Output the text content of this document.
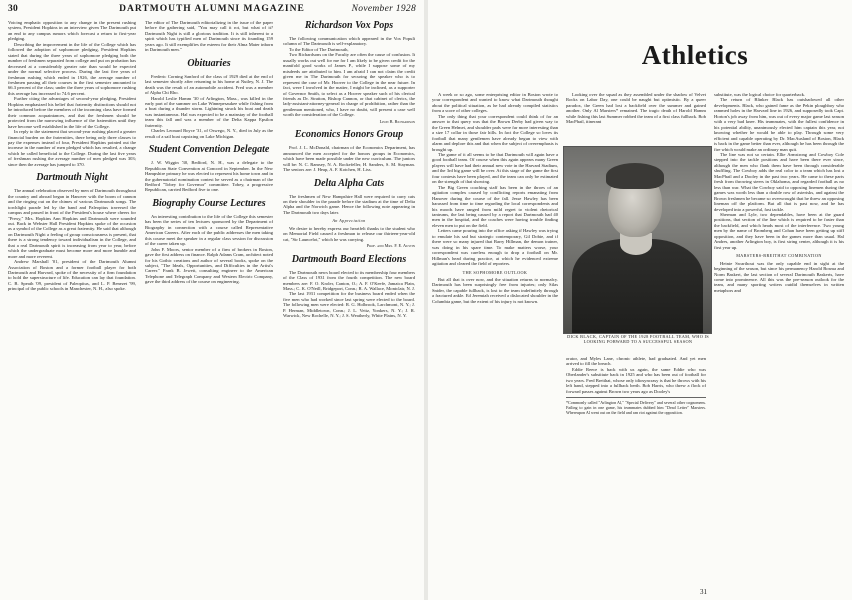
30	DARTMOUTH ALUMNI MAGAZINE	November 1928

Voicing emphatic opposition to any change in the present rushing system, President Hopkins in an interview given The Dartmouth put an end to any campus rumors which forecast a return to first-year pledging.

Describing the improvement in the life of the College which has followed the adoption of sophomore pledging, President Hopkins stated that during the three years of sophomore pledging both the number of freshmen separated from college and put on probation has decreased at a considerably greater rate than would be expected under the normal selective process. During the last five years of freshman rushing which ended in 1926, the average number of freshmen passing all their courses in the first semester amounted to 66.3 percent of the class; under the three years of sophomore rushing this average has increased to 74.6 percent.

Further citing the advantages of second-year pledging, President Hopkins emphasized his belief that fraternity distinctions should not be introduced before the members of the incoming class have formed their common acquaintances, and that the freshmen should be protected from the narrowing influence of the fraternities until they have become well established in the life of the College.

In reply to the statement that second-year rushing placed a greater financial burden on the fraternities, there being only three classes to pay the expenses instead of four, President Hopkins pointed out the increase in the number of men pledged which has resulted, a change which he called beneficial to the College. During the last five years of freshman rushing the average number of men pledged was 303; since then the average has jumped to 370.

Dartmouth Night

The annual celebration observed by men of Dartmouth throughout the country and abroad began in Hanover with the boom of cannon and the ringing out on the chimes of various Dartmouth songs. The torchlight parade led by the band and Paleopitus traversed the campus and passed in front of the President's house where cheers for "Prexy," Mrs. Hopkins Ann Hopkins and Dartmouth were sounded out. Back in Webster Hall President Hopkins spoke of the occasion as a symbol of the College as a great fraternity. He said that although on Dartmouth Night a feeling of group consciousness is present, that there is a strong tendency toward individualism in the College, and that a real Dartmouth spirit is increasing from year to year, before which the undergraduate must become more and more humble and more and more reverent.

Andrew Marshall '01, president of the Dartmouth Alumni Association of Boston and a former football player for both Dartmouth and Harvard, spoke of the necessity of a firm foundation to hold the superstructure of life. Education can lay that foundation. C. B. Speath '09, president of Paleopitus, and L. P. Benezet '99, principal of the public schools in Manchester, N. H., also spoke.

The editor of The Dartmouth editorializing in the issue of the paper before the gathering said, "You may call it rot, but what of it? Dartmouth Night is still a glorious tradition. It is still inherent to a spirit which has typified men of Dartmouth since its founding 159 years ago. It still exemplifies the esteem for their Alma Mater inborn in Dartmouth men."

Obituaries

Frederic Corning Sanford of the class of 1929 died at the end of last semester shortly after returning to his home at Nutley, N. J. The death was the result of an automobile accident. Fred was a member of Alpha Chi Rho.

Harold Leslie Hamm '30 of Arlington, Mass., was killed in the early part of the summer on Lake Winnepesaukee while fishing from a boat during a thunder storm. Lightning struck his boat and death was instantaneous. Hal was expected to be a mainstay of the football team this fall and was a member of the Delta Kappa Epsilon fraternity.

Charles Leonard Boyce '31, of Oswego, N. Y., died in July as the result of a sail boat capsizing on Lake Michigan.

Student Convention Delegate

J. W. Wiggin '30, Bedford, N. H., was a delegate to the Republican State Convention at Concord in September. In the New Hampshire primary he was elected to represent his home town and in the gubernatorial nomination contest he served as a chairman of the Bedford "Tobey for Governor" committee. Tobey, a progressive Republican, carried Bedford five to one.

Biography Course Lectures

An interesting contribution to the life of the College this semester has been the series of ten lectures sponsored by the Department of Biography in connection with a course called Representative American Careers. After each of the public addresses the men taking this course meet the speaker in a regular class session for discussion of the career taken up.

John F. Moors, senior member of a firm of brokers in Boston, gave the first address on finance. Ralph Adams Cram, architect noted for his Gothic creations and author of several books, spoke on the subject, "The Ideals, Opportunities, and Difficulties in the Artist's Career." Frank B. Jewett, consulting engineer to the American Telephone and Telegraph Company and Western Electric Company, gave the third address of the course on engineering.

Richardson Vox Pops

The following communication which appeared in the Vox Populi column of The Dartmouth is self-explanatory.

To the Editor of The Dartmouth,

Two Richardsons on the Faculty are often the cause of confusion. It usually works out well for me for I am likely to be given credit for the manifold good works of James P., while I suppose some of my misdeeds are attributed to him. I am afraid I can not claim the credit given me in The Dartmouth for securing the speaker who is to represent the case of Mr. Hoover to the College in the near future. In fact, were I involved in the matter, I might be inclined, as a supporter of Governor Smith, to select as a Hoover speaker such of his clerical friends as Dr. Stratton, Bishop Cannon, or that cabinet of clerics, the lady-assistant-attorney-general in charge of prohibition, rather than the gentleman mentioned, who, I have no doubt, will present a case well worth the consideration of the College.

Leon B. Richardson
Economics Honors Group

Prof. J. L. McDonald, chairman of the Economics Department, has announced the men accepted for the honors groups in Economics, which have been made possible under the new curriculum. The juniors will be: N. C. Ramsey, N. A. Rockefeller, H. Sanders, S. M. Stayman. The seniors are: J. Heap, A. F. Kotchen, H. Liss.

Delta Alpha Cats

The freshmen of New Hampshire Hall were required to carry cats on their shoulder in the parade before the stadium at the time of Delta Alpha and the Norwich game. Hence the following note appearing in The Dartmouth two days later.

An Appreciation

We desire to hereby express our heartfelt thanks to the student who on Memorial Field caused a freshman to release our thirteen-year-old cat, "Sir Launcelot," which he was carrying.

Prof. and Mrs. F. E. Austin
Dartmouth Board Elections

The Dartmouth news board elected to its membership four members of the Class of 1931 from the fourth competition. The new board members are: F. O. Kroler, Canton, O.; A. F. O'Keefe, Jamaica Plain, Mass.; C. K. O'Neill, Bridgeport, Conn.; R. A. Wallace, Montclair, N. J.

The last 1931 competition for the business board ended when the five men who had worked since last spring were elected to the board. The following men were elected: R. G. Holbrook, Larchmont, N. Y.; J. P. Herman, Middletown, Conn.; J. L. Veitz, Yonkers, N. Y.; J. R. Warwick, New Rochelle, N. Y.; J. S. Weatherly, White Plains, N. Y.

Athletics

A week or so ago, some enterprising editor in Boston wrote to your correspondent and wanted to know what Dartmouth thought about the political situation, as he had already compiled statistics from a score of other colleges.

The only thing that your correspondent could think of for an answer to that query was that the Brown Derby had given way to the Green Helmet, and shoulder pads were far more interesting than a size 17 collar in those fair hills. In fact the College so loves its football that many gentlemen have already begun to view with alarm and deplore this and that when the subject of overemphasis is brought up.

The game of it all seems to be that Dartmouth will again have a good football team. Of course when this again appears many Green players will have had their annual new vote in the Harvard Stadium, and the 3rd big game will be over. At this stage of the game the first four contests have been played, and the team can only be estimated on the strength of that showing.

The Big Green coaching staff has been in the throes of an agitation complex caused by conflicting reports emanating from Hanover during the course of the fall. Jesse Hawley has been harassed from time to time regarding the local correspondents and his moods have ranged from mild regret to violent rhetorical tantrums, the last being caused by a report that Dartmouth had 40 men in the hospital, and the coaches were having trouble finding eleven men to put on the field.

Letters came pouring into the office asking if Hawley was trying to emulate his sad but strategic contemporary, Gil Dobie, and if there were so many injured that Barry Hillman, the demon trainer, was doing in his spare time. To make matters worse, your correspondent was careless enough to drop a football on Mr. Hillman's head during practice, at which he evidenced extreme agitation and cleared the field of reporters.

THE SOPHOMORE OUTLOOK

But all that is over now, and the situation returns to normalcy. Dartmouth has been surprisingly free from injuries; only Silas Snider, the capable fullback, is lost to the team indefinitely through a fractured ankle. Ed Jeremiah received a dislocated shoulder in the Columbia game, but the extent of his injury is not known.

Looking over the squad as they assembled under the shadow of Velvet Rocks on Labor Day, one could be naught but optimistic. By a queer paradox, the Green had lost a backfield over the summer and gained another. Only Al Marsters* remained. The tragic death of Harold Hamm while fishing this last Summer robbed the team of a first class fullback. Bob MacPhail, itinerant

DICK BLACK, CAPTAIN OF THE 1928 FOOTBALL TEAM, WHO IS LOOKING FORWARD TO A SUCCESSFUL SEASON

orator, and Myles Lane, chronic athlete, had graduated. And yet men arrived to fill the breach.

Eddie Reece is back with us again, the same Eddie who was Oberlander's substitute back in 1925 and who has been out of football for two years. Fred Breithat, whose only idiosyncrasy is that he throws with his left hand, stepped into a fullback berth. Bob Harris, who threw a flock of forward passes against Brown two years ago as Dooley's

*Commonly called "Arlington Al," "Special Delivery" and several other cognomens. Failing to gain in one game, his teammates dubbed him "Dead Letter" Marsters. Whereupon Al went out on the field and ran riot against the opposition.

substitute, was the logical choice for quarterback.

The return of Blinker Black has outshadowed all other developments. Black, who gained fame as the Pekin ploughboy who rammed holes in the Harvard line in 1926, and supposedly took Capt. Horton's job away from him, was out of every major game last season with a very bad knee. His teammates, with the fullest confidence in his potential ability, unanimously elected him captain this year, not knowing whether he would be able to play. Through some very efficient and capable operating by Dr. MacAusland of Boston, Black is back in the game better than ever, although he has been through the fire which would make an ordinary man quit.

The line was not so certain. Ellie Armstrong and Cowboy Cole stepped into the tackle positions and have been there ever since, although the men who flank them have been through considerable shuffling. The Cowboy adds the real color to a team which has lost a MacPhail and a Dooley in the past two years. He came to these parts fresh from throwing steers in Oklahoma, and regarded football as no less than war. What the Cowboy said to opposing linemen during the games was worth less than a double row of asterisks, and against the Brown freshmen he became so overwrought that he threw an opposing lineman off the platform. But all that is past now, and he has developed into a powerful, fast tackle.

Sherman and Lyle, two dependables, have been at the guard positions, that section of the line which is required to be faster than the backfield, and which heads most of the interference. Two young men by the name of Bromberg and Cohan have been getting up stiff opposition, and they have been in the games more than usual. Hal Andres, another Arlington boy, is first string center, although it is his first year up.

MARSTERS-BREITHAT COMBINATION

Heinie Swarthout was the only capable end in sight at the beginning of the season, but since his permanency Harold Bosma and Norm Baskert, the last section of several Dartmouth Baskerts, have come into prominence. All this was the pre-season outlook for the team, and many sporting writers outdid themselves in written metaphors and

31
